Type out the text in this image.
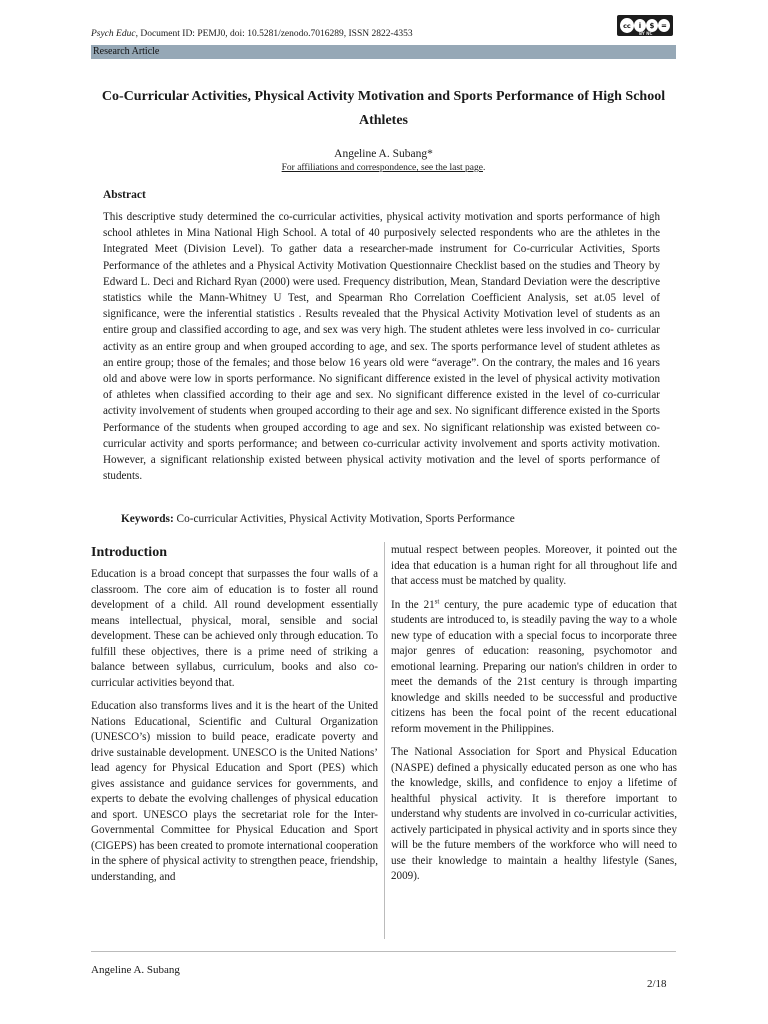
Psych Educ, Document ID: PEMJ0, doi: 10.5281/zenodo.7016289, ISSN 2822-4353
cc	i	$ =
BY NC
Research Article
Co-Curricular Activities, Physical Activity Motivation and Sports Performance of High School Athletes
Angeline A. Subang*
For affiliations and correspondence, see the last page.
Abstract

This descriptive study determined the co-curricular activities, physical activity motivation and sports performance of high school athletes in Mina National High School. A total of 40 purposively selected respondents who are the athletes in the Integrated Meet (Division Level). To gather data a researcher-made instrument for Co-curricular Activities, Sports Performance of the athletes and a Physical Activity Motivation Questionnaire Checklist based on the studies and Theory by Edward L. Deci and Richard Ryan (2000) were used. Frequency distribution, Mean, Standard Deviation were the descriptive statistics while the Mann-Whitney U Test, and Spearman Rho Correlation Coefficient Analysis, set at.05 level of significance, were the inferential statistics . Results revealed that the Physical Activity Motivation level of students as an entire group and classified according to age, and sex was very high. The student athletes were less involved in co- curricular activity as an entire group and when grouped according to age, and sex. The sports performance level of student athletes as an entire group; those of the females; and those below 16 years old were “average”. On the contrary, the males and 16 years old and above were low in sports performance. No significant difference existed in the level of physical activity motivation of athletes when classified according to their age and sex. No significant difference existed in the level of co-curricular activity involvement of students when grouped according to their age and sex. No significant difference existed in the Sports Performance of the students when grouped according to age and sex. No significant relationship was existed between co-curricular activity and sports performance; and between co-curricular activity involvement and sports activity motivation. However, a significant relationship existed between physical activity motivation and the level of sports performance of students.

Keywords: Co-curricular Activities, Physical Activity Motivation, Sports Performance
Introduction

Education is a broad concept that surpasses the four walls of a classroom. The core aim of education is to foster all round development of a child. All round development essentially means intellectual, physical, moral, sensible and social development. These can be achieved only through education. To fulfill these objectives, there is a prime need of striking a balance between syllabus, curriculum, books and also co-curricular activities beyond that.

Education also transforms lives and it is the heart of the United Nations Educational, Scientific and Cultural Organization (UNESCO’s) mission to build peace, eradicate poverty and drive sustainable development. UNESCO is the United Nations’ lead agency for Physical Education and Sport (PES) which gives assistance and guidance services for governments, and experts to debate the evolving challenges of physical education and sport. UNESCO plays the secretariat role for the Inter-Governmental Committee for Physical Education and Sport (CIGEPS) has been created to promote international cooperation in the sphere of physical activity to strengthen peace, friendship, understanding, and

mutual respect between peoples. Moreover, it pointed out the idea that education is a human right for all throughout life and that access must be matched by quality.

In the 21st century, the pure academic type of education that students are introduced to, is steadily paving the way to a whole new type of education with a special focus to incorporate three major genres of education: reasoning, psychomotor and emotional learning. Preparing our nation's children in order to meet the demands of the 21st century is through imparting knowledge and skills needed to be successful and productive citizens has been the focal point of the recent educational reform movement in the Philippines.

The National Association for Sport and Physical Education (NASPE) defined a physically educated person as one who has the knowledge, skills, and confidence to enjoy a lifetime of healthful physical activity. It is therefore important to understand why students are involved in co-curricular activities, actively participated in physical activity and in sports since they will be the future members of the workforce who will need to use their knowledge to maintain a healthy lifestyle (Sanes, 2009).

Angeline A. Subang
2/18
